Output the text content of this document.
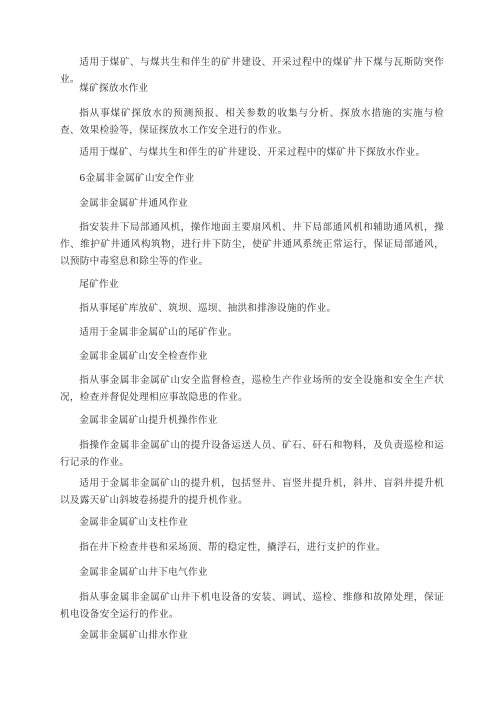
适用于煤矿、与煤共生和伴生的矿井建设、开采过程中的煤矿井下煤与瓦斯防突作业。

煤矿探放水作业

指从事煤矿探放水的预测预报、相关参数的收集与分析、探放水措施的实施与检查、效果检验等，保证探放水工作安全进行的作业。

适用于煤矿、与煤共生和伴生的矿井建设、开采过程中的煤矿井下探放水作业。

6金属非金属矿山安全作业

金属非金属矿井通风作业

指安装井下局部通风机，操作地面主要扇风机、井下局部通风机和辅助通风机，操作、维护矿井通风构筑物，进行井下防尘，使矿井通风系统正常运行，保证局部通风，以预防中毒窒息和除尘等的作业。

尾矿作业

指从事尾矿库放矿、筑坝、巡坝、抽洪和排渗设施的作业。

适用于金属非金属矿山的尾矿作业。

金属非金属矿山安全检查作业

指从事金属非金属矿山安全监督检查，巡检生产作业场所的安全设施和安全生产状况，检查并督促处理相应事故隐患的作业。

金属非金属矿山提升机操作作业

指操作金属非金属矿山的提升设备运送人员、矿石、矸石和物料，及负责巡检和运行记录的作业。

适用于金属非金属矿山的提升机，包括竖井、盲竖井提升机，斜井、盲斜井提升机以及露天矿山斜坡卷扬提升的提升机作业。

金属非金属矿山支柱作业

指在井下检查井巷和采场顶、帮的稳定性，撬浮石，进行支护的作业。

金属非金属矿山井下电气作业

指从事金属非金属矿山井下机电设备的安装、调试、巡检、维修和故障处理，保证机电设备安全运行的作业。

金属非金属矿山排水作业
